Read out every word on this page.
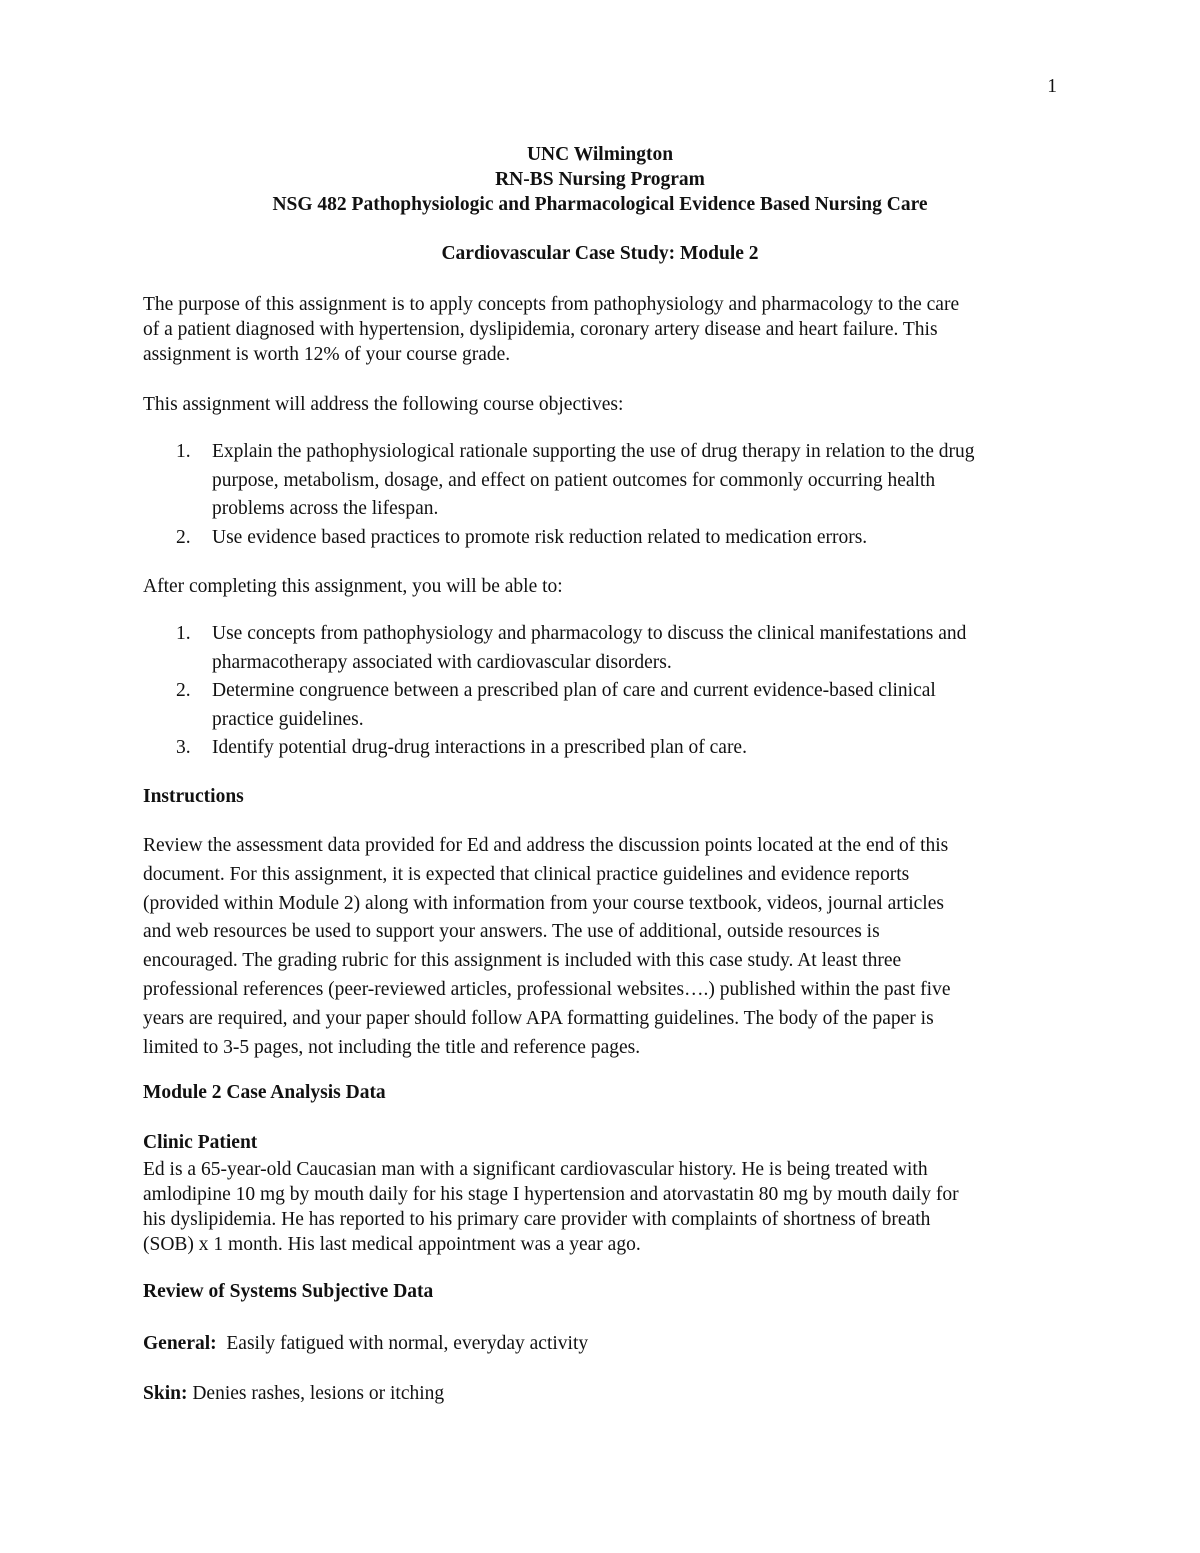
1
UNC Wilmington
RN-BS Nursing Program
NSG 482 Pathophysiologic and Pharmacological Evidence Based Nursing Care
Cardiovascular Case Study: Module 2
The purpose of this assignment is to apply concepts from pathophysiology and pharmacology to the care
of a patient diagnosed with hypertension, dyslipidemia, coronary artery disease and heart failure. This
assignment is worth 12% of your course grade.
This assignment will address the following course objectives:
1. Explain the pathophysiological rationale supporting the use of drug therapy in relation to the drug
purpose, metabolism, dosage, and effect on patient outcomes for commonly occurring health
problems across the lifespan.
2. Use evidence based practices to promote risk reduction related to medication errors.
After completing this assignment, you will be able to:
1. Use concepts from pathophysiology and pharmacology to discuss the clinical manifestations and
pharmacotherapy associated with cardiovascular disorders.
2. Determine congruence between a prescribed plan of care and current evidence-based clinical
practice guidelines.
3. Identify potential drug-drug interactions in a prescribed plan of care.
Instructions
Review the assessment data provided for Ed and address the discussion points located at the end of this
document. For this assignment, it is expected that clinical practice guidelines and evidence reports
(provided within Module 2) along with information from your course textbook, videos, journal articles
and web resources be used to support your answers. The use of additional, outside resources is
encouraged. The grading rubric for this assignment is included with this case study. At least three
professional references (peer-reviewed articles, professional websites….) published within the past five
years are required, and your paper should follow APA formatting guidelines. The body of the paper is
limited to 3-5 pages, not including the title and reference pages.
Module 2 Case Analysis Data
Clinic Patient
Ed is a 65-year-old Caucasian man with a significant cardiovascular history. He is being treated with
amlodipine 10 mg by mouth daily for his stage I hypertension and atorvastatin 80 mg by mouth daily for
his dyslipidemia. He has reported to his primary care provider with complaints of shortness of breath
(SOB) x 1 month. His last medical appointment was a year ago.
Review of Systems Subjective Data
General:  Easily fatigued with normal, everyday activity
Skin: Denies rashes, lesions or itching
